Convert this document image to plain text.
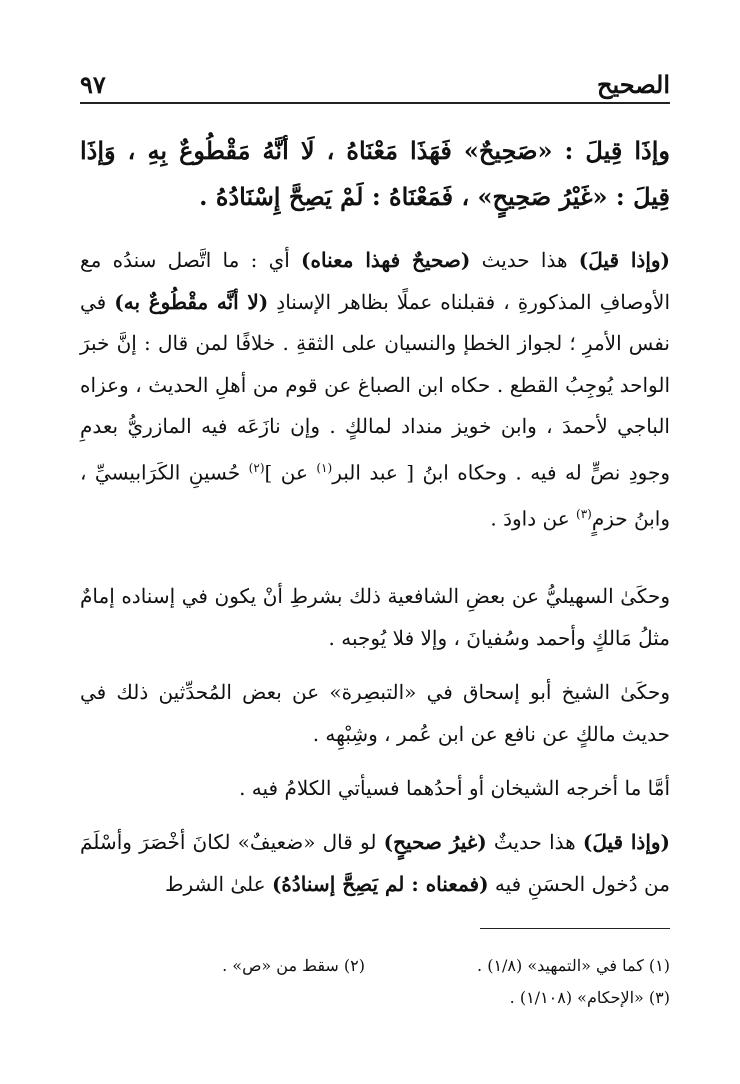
الصحيح
٩٧
وإذَا قِيلَ : «صَحِيحٌ» فَهَذَا مَعْنَاهُ ، لَا أنَّهُ مَقْطُوعٌ بِهِ ، وَإذَا قِيلَ : «غَيْرُ صَحِيحٍ» ، فَمَعْنَاهُ : لَمْ يَصِحَّ إِسْنَادُهُ .
(وإذا قيلَ) هذا حديث (صحيحٌ فهذا معناه) أي : ما اتَّصل سندُه مع الأوصافِ المذكورةِ ، فقبلناه عملًا بظاهر الإسنادِ (لا أنَّه مقْطُوعٌ به) في نفس الأمرِ ؛ لجواز الخطإ والنسيان على الثقةِ . خلافًا لمن قال : إنَّ خبرَ الواحد يُوجِبُ القطع . حكاه ابن الصباغ عن قوم من أهلِ الحديث ، وعزاه الباجي لأحمدَ ، وابن خويز منداد لمالكٍ . وإن نازَعَه فيه المازريُّ بعدمِ وجودِ نصٍّ له فيه . وحكاه ابنُ [ عبد البر$^{(١)}$ عن ]$^{(٢)}$ حُسينِ الكَرَابيسيِّ ، وابنُ حزمٍ$^{(٣)}$ عن داودَ .
وحكَىٰ السهيليُّ عن بعضِ الشافعية ذلك بشرطِ أنْ يكون في إسناده إمامٌ مثلُ مَالكٍ وأحمد وسُفيانَ ، وإلا فلا يُوجبه .
وحكَىٰ الشيخ أبو إسحاق في «التبصِرة» عن بعض المُحدِّثين ذلك في حديث مالكٍ عن نافع عن ابن عُمر ، وشِبْهِه .
أمَّا ما أخرجه الشيخان أو أحدُهما فسيأتي الكلامُ فيه .
(وإذا قيلَ) هذا حديثٌ (غيرُ صحيحٍ) لو قال «ضعيفٌ» لكانَ أخْصَرَ وأسْلَمَ من دُخول الحسَنِ فيه (فمعناه : لم يَصِحَّ إسنادُهُ) علىٰ الشرط
(١) كما في «التمهيد» (١/٨) .
(٢) سقط من «ص» .
(٣) «الإحكام» (١/١٠٨) .
